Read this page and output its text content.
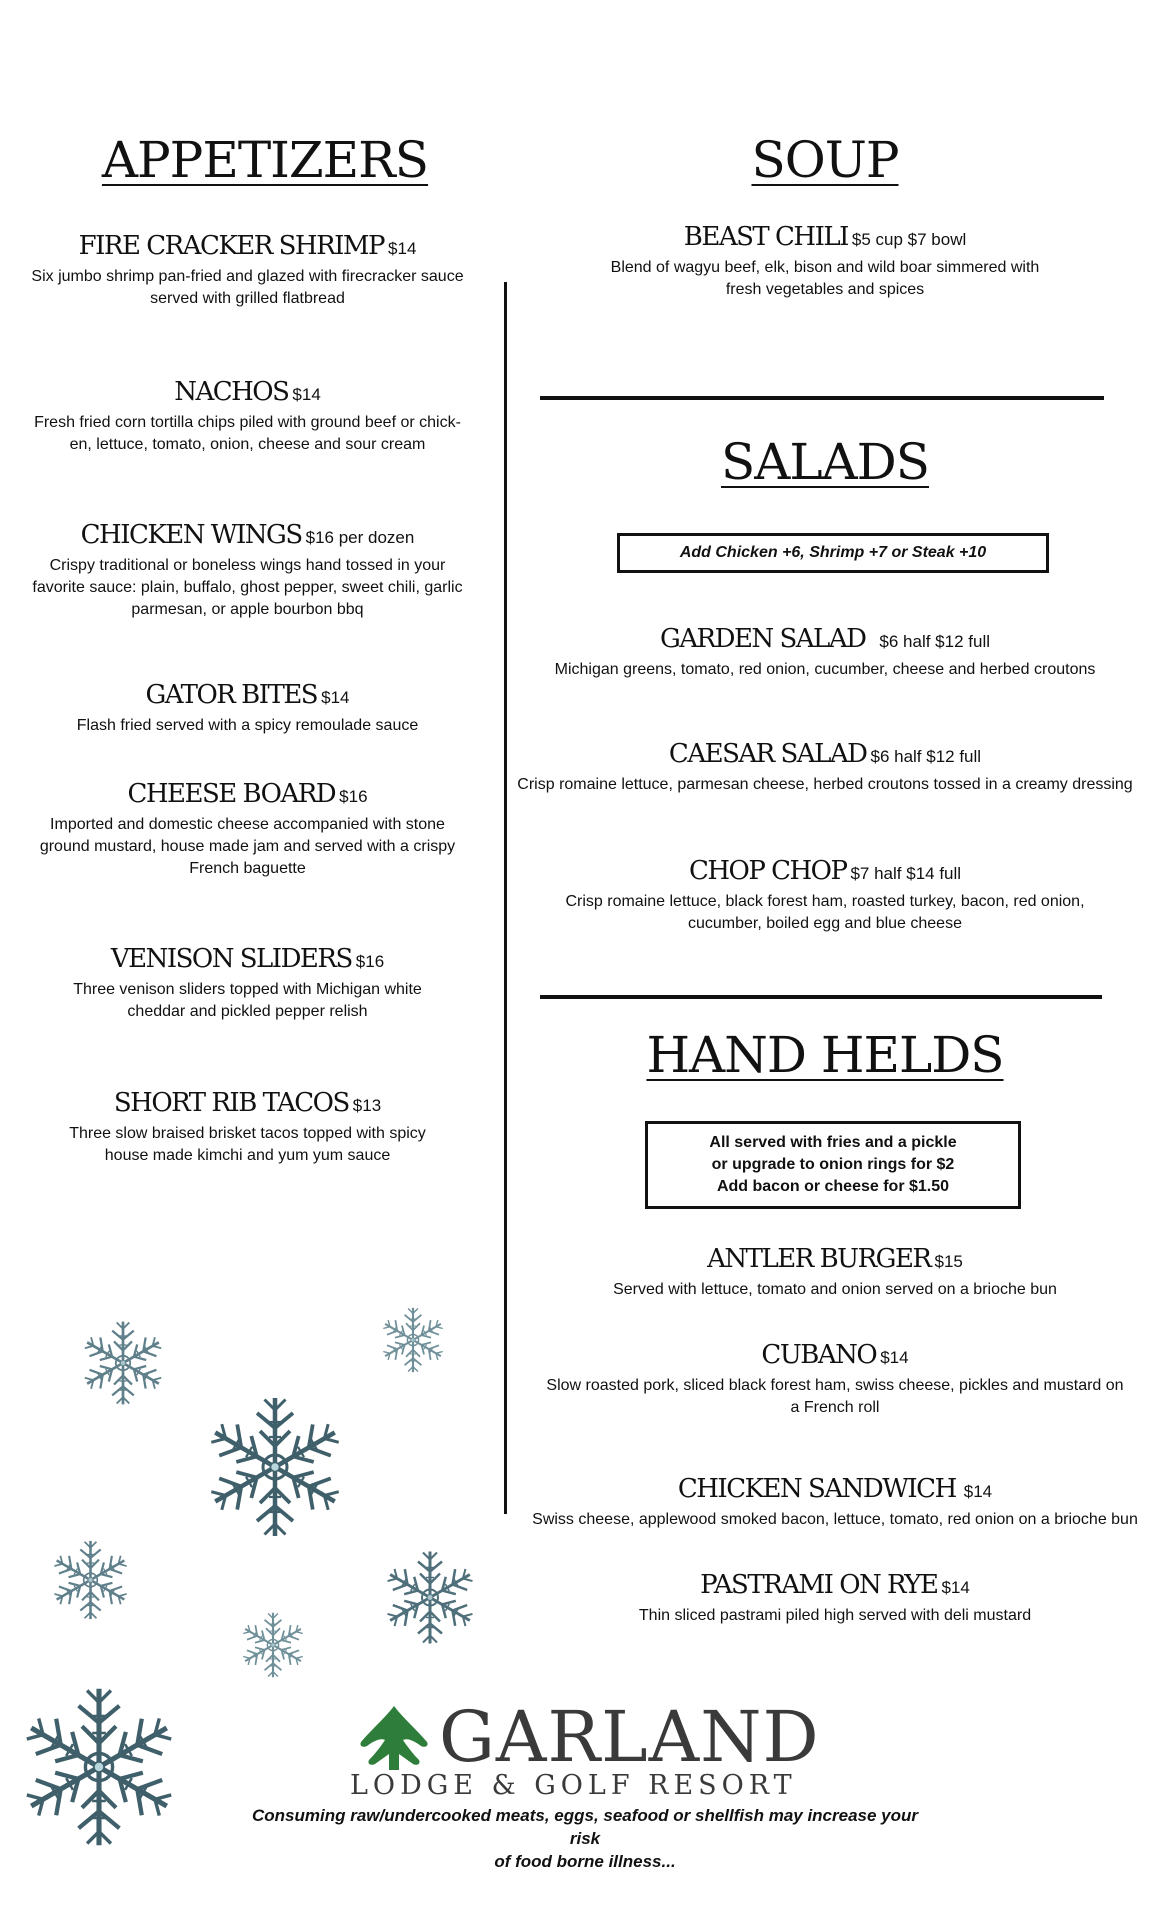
APPETIZERS	SOUP
SALADS
HAND HELDS
FIRE CRACKER SHRIMP $14
Six jumbo shrimp pan-fried and glazed with firecracker sauce served with grilled flatbread
NACHOS $14
Fresh fried corn tortilla chips piled with ground beef or chick-en, lettuce, tomato, onion, cheese and sour cream
CHICKEN WINGS $16 per dozen
Crispy traditional or boneless wings hand tossed in your favorite sauce: plain, buffalo, ghost pepper, sweet chili, garlic parmesan, or apple bourbon bbq
GATOR BITES $14
Flash fried served with a spicy remoulade sauce
CHEESE BOARD $16
Imported and domestic cheese accompanied with stone ground mustard, house made jam and served with a crispy French baguette
VENISON SLIDERS $16
Three venison sliders topped with Michigan white cheddar and pickled pepper relish
SHORT RIB TACOS $13
Three slow braised brisket tacos topped with spicy house made kimchi and yum yum sauce
BEAST CHILI $5 cup $7 bowl
Blend of wagyu beef, elk, bison and wild boar simmered with fresh vegetables and spices
Add Chicken +6, Shrimp +7 or Steak +10
GARDEN SALAD $6 half $12 full
Michigan greens, tomato, red onion, cucumber, cheese and herbed croutons
CAESAR SALAD $6 half $12 full
Crisp romaine lettuce, parmesan cheese, herbed croutons tossed in a creamy dressing
CHOP CHOP $7 half $14 full
Crisp romaine lettuce, black forest ham, roasted turkey, bacon, red onion, cucumber, boiled egg and blue cheese
All served with fries and a pickle
or upgrade to onion rings for $2
Add bacon or cheese for $1.50
ANTLER BURGER $15
Served with lettuce, tomato and onion served on a brioche bun
CUBANO $14
Slow roasted pork, sliced black forest ham, swiss cheese, pickles and mustard on a French roll
CHICKEN SANDWICH $14
Swiss cheese, applewood smoked bacon, lettuce, tomato, red onion on a brioche bun
PASTRAMI ON RYE $14
Thin sliced pastrami piled high served with deli mustard
GARLAND
LODGE & GOLF RESORT
Consuming raw/undercooked meats, eggs, seafood or shellfish may increase your risk
of food borne illness...
